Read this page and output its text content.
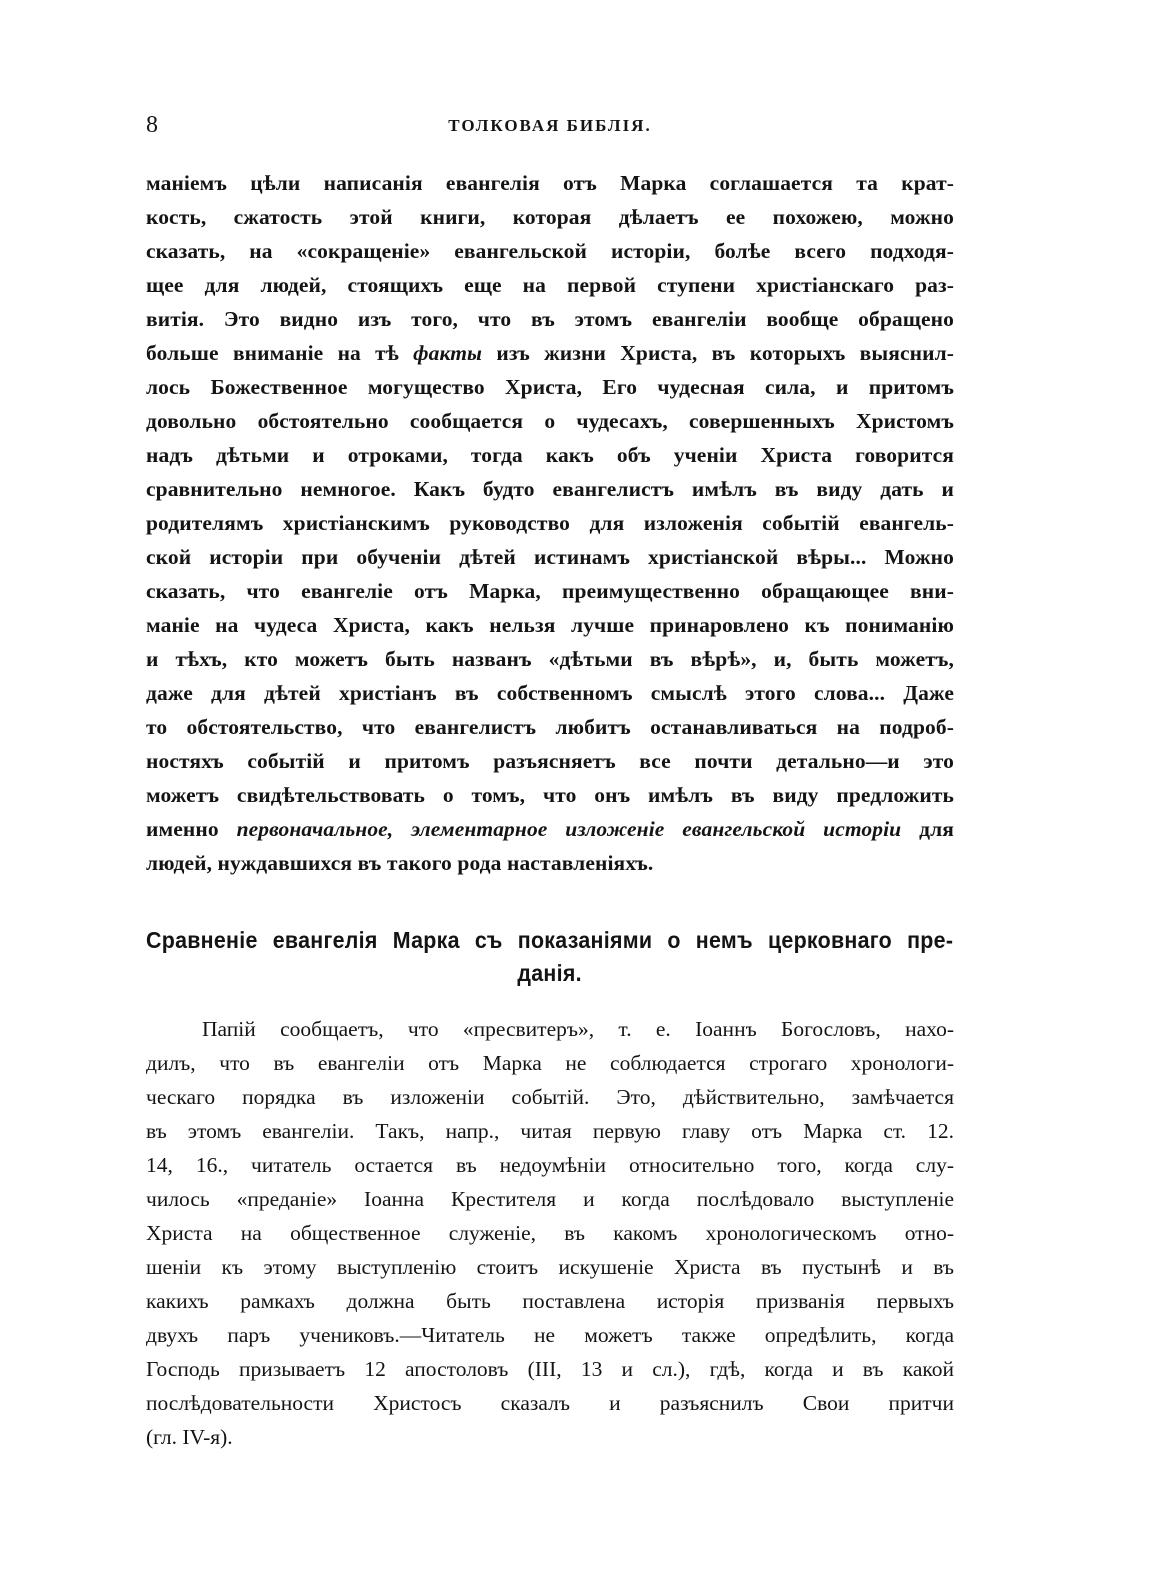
8	ТОЛКОВАЯ БИБЛІЯ.
маніемъ цѣли написанія евангелія отъ Марка соглашается та крат-
кость, сжатость этой книги, которая дѣлаетъ ее похожею, можно
сказать, на «сокращеніе» евангельской исторіи, болѣе всего подходя-
щее для людей, стоящихъ еще на первой ступени христіанскаго раз-
витія. Это видно изъ того, что въ этомъ евангеліи вообще обращено
больше вниманіе на тѣ факты изъ жизни Христа, въ которыхъ выяснил-
лось Божественное могущество Христа, Его чудесная сила, и притомъ
довольно обстоятельно сообщается о чудесахъ, совершенныхъ Христомъ
надъ дѣтьми и отроками, тогда какъ объ ученіи Христа говорится
сравнительно немногое. Какъ будто евангелистъ имѣлъ въ виду дать и
родителямъ христіанскимъ руководство для изложенія событій евангель-
ской исторіи при обученіи дѣтей истинамъ христіанской вѣры... Можно
сказать, что евангеліе отъ Марка, преимущественно обращающее вни-
маніе на чудеса Христа, какъ нельзя лучше принаровлено къ пониманію
и тѣхъ, кто можетъ быть названъ «дѣтьми въ вѣрѣ», и, быть можетъ,
даже для дѣтей христіанъ въ собственномъ смыслѣ этого слова... Даже
то обстоятельство, что евангелистъ любитъ останавливаться на подроб-
ностяхъ событій и притомъ разъясняетъ все почти детально—и это
можетъ свидѣтельствовать о томъ, что онъ имѣлъ въ виду предложить
именно первоначальное, элементарное изложеніе евангельской исторіи для
людей, нуждавшихся въ такого рода наставленіяхъ.
Сравненіе евангелія Марка съ показаніями о немъ церковнаго пре-
данія.
Папій сообщаетъ, что «пресвитеръ», т. е. Іоаннъ Богословъ, нахо-
дилъ, что въ евангеліи отъ Марка не соблюдается строгаго хронологи-
ческаго порядка въ изложеніи событій. Это, дѣйствительно, замѣчается
въ этомъ евангеліи. Такъ, напр., читая первую главу отъ Марка ст. 12.
14, 16., читатель остается въ недоумѣніи относительно того, когда слу-
чилось «преданіе» Іоанна Крестителя и когда послѣдовало выступленіе
Христа на общественное служеніе, въ какомъ хронологическомъ отно-
шеніи къ этому выступленію стоитъ искушеніе Христа въ пустынѣ и въ
какихъ рамкахъ должна быть поставлена исторія призванія первыхъ
двухъ паръ учениковъ.—Читатель не можетъ также опредѣлить, когда
Господь призываетъ 12 апостоловъ (III, 13 и сл.), гдѣ, когда и въ какой
послѣдовательности Христосъ сказалъ и разъяснилъ Свои притчи
(гл. IV-я).
